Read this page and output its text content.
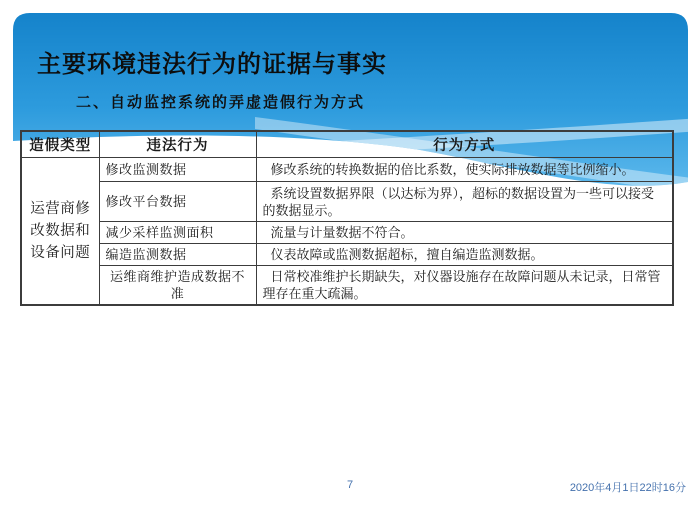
主要环境违法行为的证据与事实
二、自动监控系统的弄虚造假行为方式
造假类型	违法行为	行为方式
运营商修改数据和设备问题	修改监测数据	修改系统的转换数据的倍比系数，使实际排放数据等比例缩小。
	修改平台数据	系统设置数据界限（以达标为界），超标的数据设置为一些可以接受的数据显示。
	减少采样监测面积	流量与计量数据不符合。
	编造监测数据	仪表故障或监测数据超标，擅自编造监测数据。
	运维商维护造成数据不准	日常校准维护长期缺失，对仪器设施存在故障问题从未记录，日常管理存在重大疏漏。
7	2020年4月1日22时16分
